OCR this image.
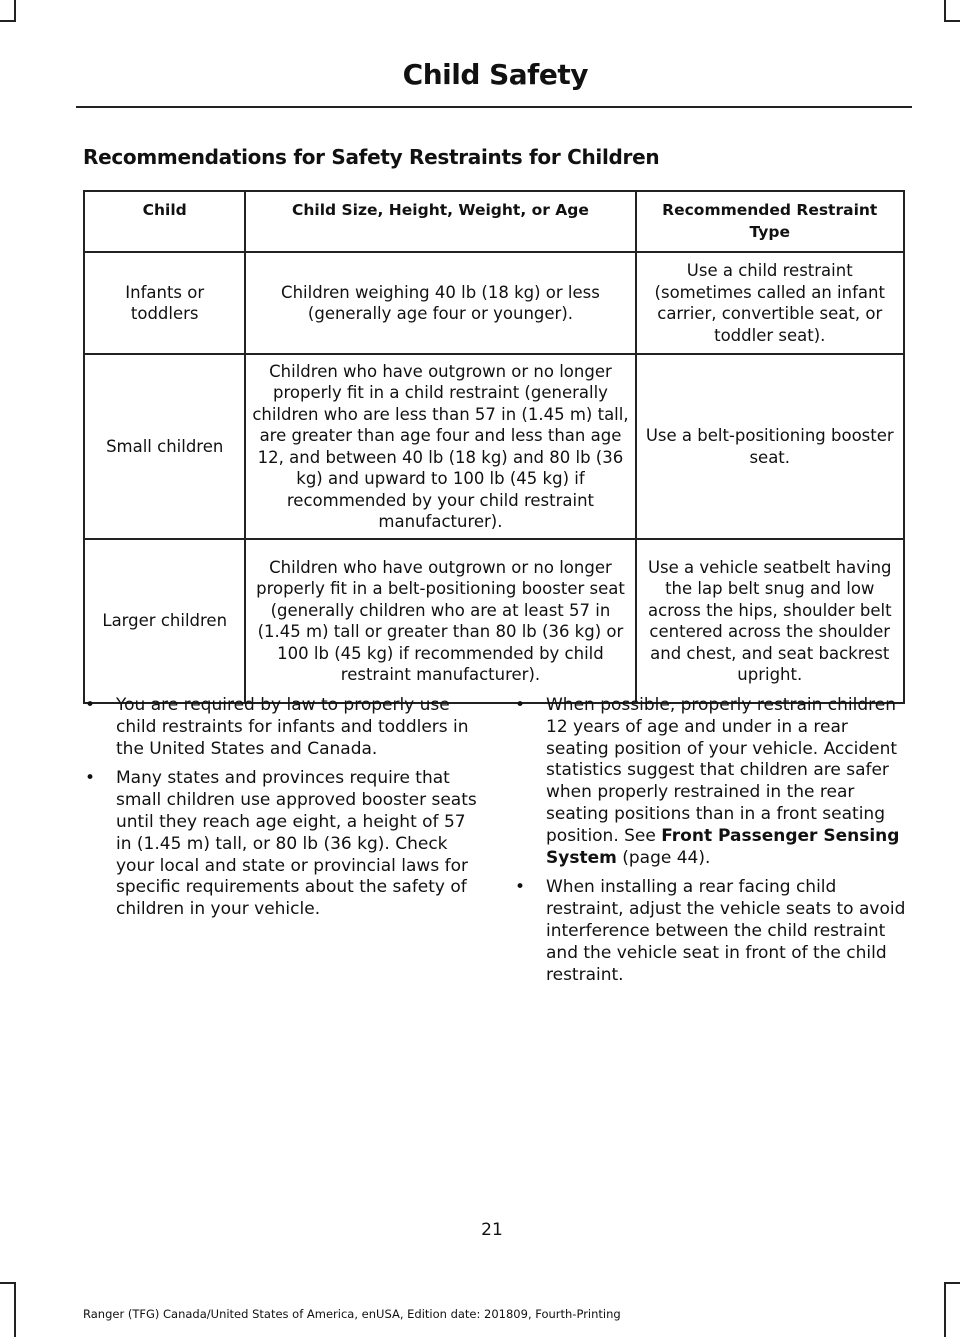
Child Safety
Recommendations for Safety Restraints for Children
Child	Child Size, Height, Weight, or Age	Recommended Restraint Type
Infants or toddlers	Children weighing 40 lb (18 kg) or less (generally age four or younger).	Use a child restraint (sometimes called an infant carrier, convertible seat, or toddler seat).
Small children	Children who have outgrown or no longer properly fit in a child restraint (generally children who are less than 57 in (1.45 m) tall, are greater than age four and less than age 12, and between 40 lb (18 kg) and 80 lb (36 kg) and upward to 100 lb (45 kg) if recommended by your child restraint manufacturer).	Use a belt-positioning booster seat.
Larger children	Children who have outgrown or no longer properly fit in a belt-positioning booster seat (generally children who are at least 57 in (1.45 m) tall or greater than 80 lb (36 kg) or 100 lb (45 kg) if recommended by child restraint manufacturer).	Use a vehicle seatbelt having the lap belt snug and low across the hips, shoulder belt centered across the shoulder and chest, and seat backrest upright.
• You are required by law to properly use child restraints for infants and toddlers in the United States and Canada.
• Many states and provinces require that small children use approved booster seats until they reach age eight, a height of 57 in (1.45 m) tall, or 80 lb (36 kg). Check your local and state or provincial laws for specific requirements about the safety of children in your vehicle.
• When possible, properly restrain children 12 years of age and under in a rear seating position of your vehicle. Accident statistics suggest that children are safer when properly restrained in the rear seating positions than in a front seating position. See Front Passenger Sensing System (page 44).
• When installing a rear facing child restraint, adjust the vehicle seats to avoid interference between the child restraint and the vehicle seat in front of the child restraint.
21
Ranger (TFG) Canada/United States of America, enUSA, Edition date: 201809, Fourth-Printing
